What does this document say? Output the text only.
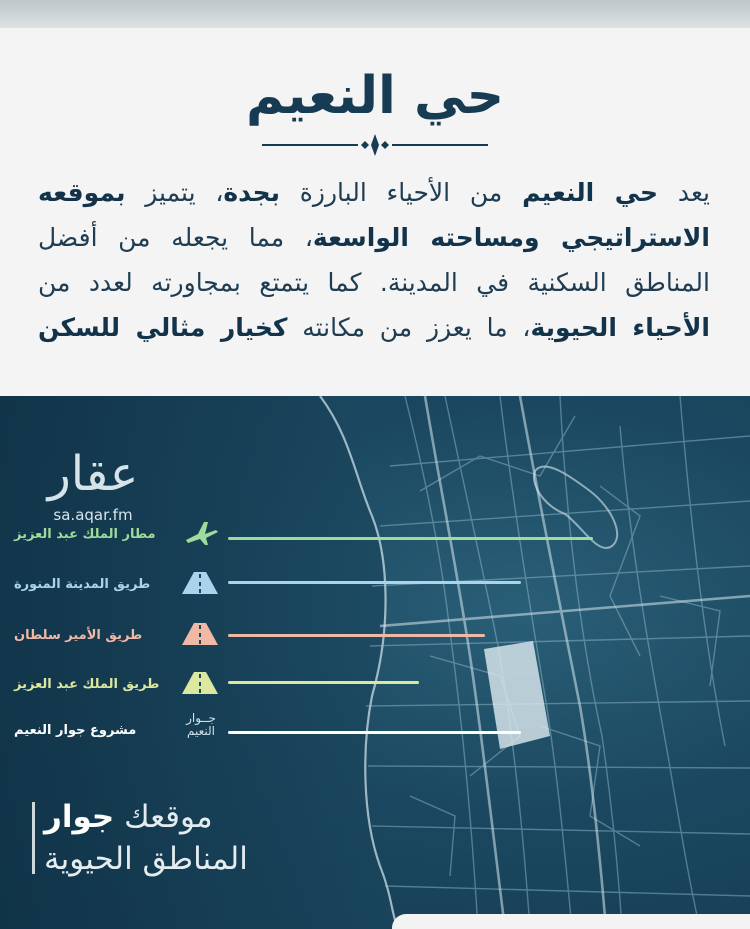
حي النعيم

يعد حي النعيم من الأحياء البارزة بجدة، يتميز بموقعه الاستراتيجي ومساحته الواسعة، مما يجعله من أفضل المناطق السكنية في المدينة. كما يتمتع بمجاورته لعدد من الأحياء الحيوية، ما يعزز من مكانته كخيار مثالي للسكن

عقار
sa.aqar.fm
مطار الملك عبد العزيز
طريق المدينة المنورة
طريق الأمير سلطان
طريق الملك عبد العزيز
مشروع جوار النعيم
جــوار
النعيم
موقعك جوار
المناطق الحيوية
